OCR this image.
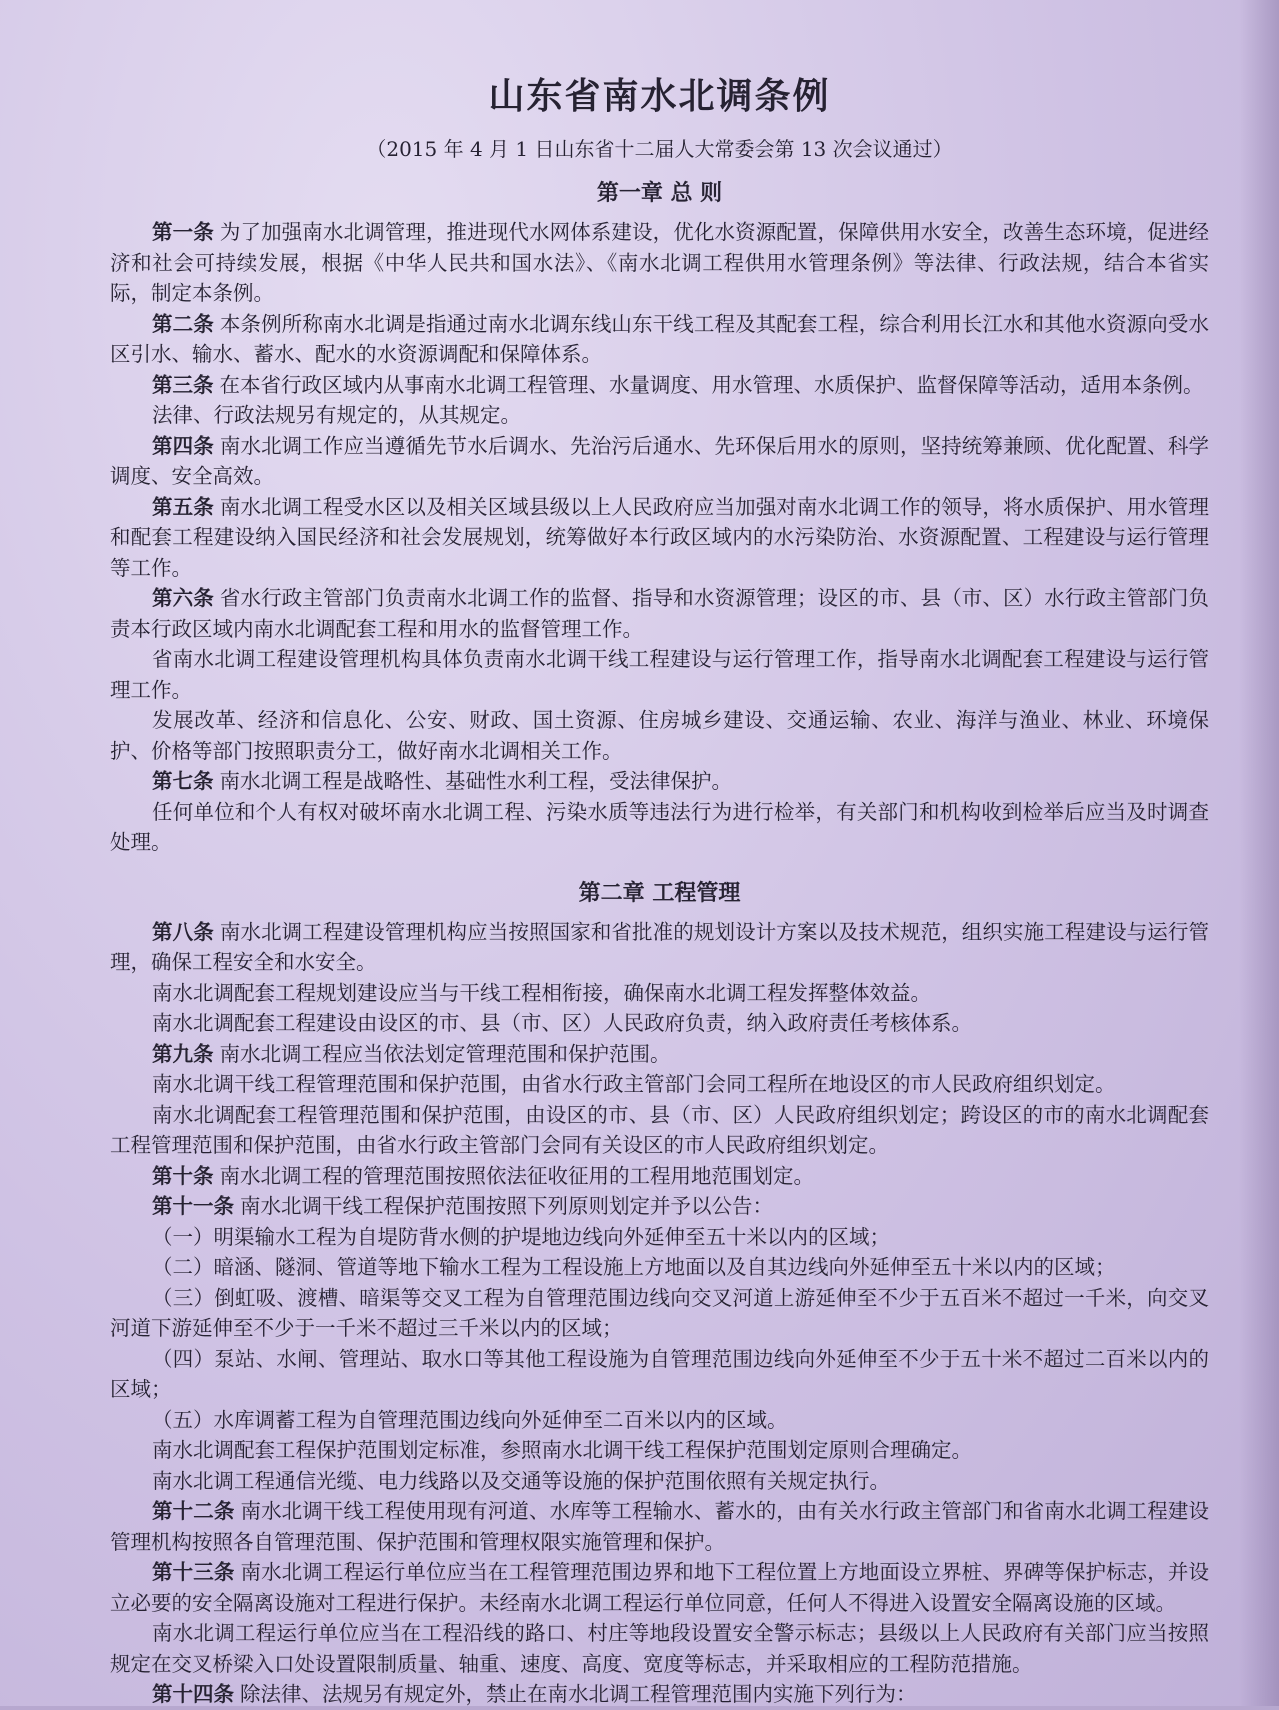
山东省南水北调条例
（2015 年 4 月 1 日山东省十二届人大常委会第 13 次会议通过）
第一章 总 则

第一条 为了加强南水北调管理，推进现代水网体系建设，优化水资源配置，保障供用水安全，改善生态环境，促进经济和社会可持续发展，根据《中华人民共和国水法》、《南水北调工程供用水管理条例》等法律、行政法规，结合本省实际，制定本条例。

第二条 本条例所称南水北调是指通过南水北调东线山东干线工程及其配套工程，综合利用长江水和其他水资源向受水区引水、输水、蓄水、配水的水资源调配和保障体系。

第三条 在本省行政区域内从事南水北调工程管理、水量调度、用水管理、水质保护、监督保障等活动，适用本条例。

法律、行政法规另有规定的，从其规定。

第四条 南水北调工作应当遵循先节水后调水、先治污后通水、先环保后用水的原则，坚持统筹兼顾、优化配置、科学调度、安全高效。

第五条 南水北调工程受水区以及相关区域县级以上人民政府应当加强对南水北调工作的领导，将水质保护、用水管理和配套工程建设纳入国民经济和社会发展规划，统筹做好本行政区域内的水污染防治、水资源配置、工程建设与运行管理等工作。

第六条 省水行政主管部门负责南水北调工作的监督、指导和水资源管理；设区的市、县（市、区）水行政主管部门负责本行政区域内南水北调配套工程和用水的监督管理工作。

省南水北调工程建设管理机构具体负责南水北调干线工程建设与运行管理工作，指导南水北调配套工程建设与运行管理工作。

发展改革、经济和信息化、公安、财政、国土资源、住房城乡建设、交通运输、农业、海洋与渔业、林业、环境保护、价格等部门按照职责分工，做好南水北调相关工作。

第七条 南水北调工程是战略性、基础性水利工程，受法律保护。

任何单位和个人有权对破坏南水北调工程、污染水质等违法行为进行检举，有关部门和机构收到检举后应当及时调查处理。

第二章 工程管理

第八条 南水北调工程建设管理机构应当按照国家和省批准的规划设计方案以及技术规范，组织实施工程建设与运行管理，确保工程安全和水安全。

南水北调配套工程规划建设应当与干线工程相衔接，确保南水北调工程发挥整体效益。

南水北调配套工程建设由设区的市、县（市、区）人民政府负责，纳入政府责任考核体系。

第九条 南水北调工程应当依法划定管理范围和保护范围。

南水北调干线工程管理范围和保护范围，由省水行政主管部门会同工程所在地设区的市人民政府组织划定。

南水北调配套工程管理范围和保护范围，由设区的市、县（市、区）人民政府组织划定；跨设区的市的南水北调配套工程管理范围和保护范围，由省水行政主管部门会同有关设区的市人民政府组织划定。

第十条 南水北调工程的管理范围按照依法征收征用的工程用地范围划定。

第十一条 南水北调干线工程保护范围按照下列原则划定并予以公告：

（一）明渠输水工程为自堤防背水侧的护堤地边线向外延伸至五十米以内的区域；

（二）暗涵、隧洞、管道等地下输水工程为工程设施上方地面以及自其边线向外延伸至五十米以内的区域；

（三）倒虹吸、渡槽、暗渠等交叉工程为自管理范围边线向交叉河道上游延伸至不少于五百米不超过一千米，向交叉河道下游延伸至不少于一千米不超过三千米以内的区域；

（四）泵站、水闸、管理站、取水口等其他工程设施为自管理范围边线向外延伸至不少于五十米不超过二百米以内的区域；

（五）水库调蓄工程为自管理范围边线向外延伸至二百米以内的区域。

南水北调配套工程保护范围划定标准，参照南水北调干线工程保护范围划定原则合理确定。

南水北调工程通信光缆、电力线路以及交通等设施的保护范围依照有关规定执行。

第十二条 南水北调干线工程使用现有河道、水库等工程输水、蓄水的，由有关水行政主管部门和省南水北调工程建设管理机构按照各自管理范围、保护范围和管理权限实施管理和保护。

第十三条 南水北调工程运行单位应当在工程管理范围边界和地下工程位置上方地面设立界桩、界碑等保护标志，并设立必要的安全隔离设施对工程进行保护。未经南水北调工程运行单位同意，任何人不得进入设置安全隔离设施的区域。

南水北调工程运行单位应当在工程沿线的路口、村庄等地段设置安全警示标志；县级以上人民政府有关部门应当按照规定在交叉桥梁入口处设置限制质量、轴重、速度、高度、宽度等标志，并采取相应的工程防范措施。

第十四条 除法律、法规另有规定外，禁止在南水北调工程管理范围内实施下列行为：
